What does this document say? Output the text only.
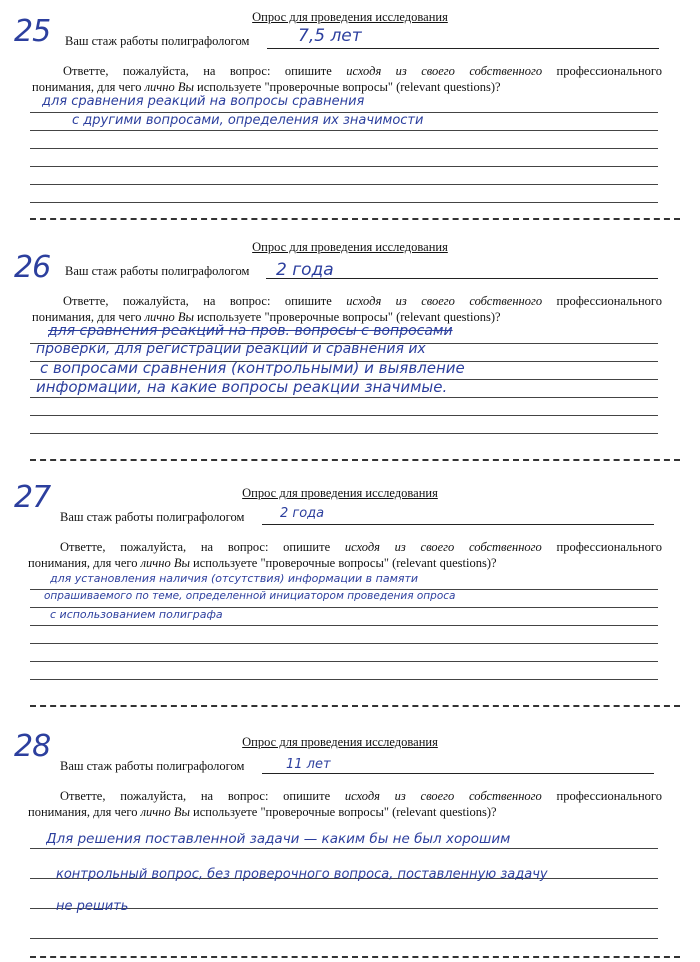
25	Опрос для проведения исследования
Ваш стаж работы полиграфологом	7,5 лет
Ответте, пожалуйста, на вопрос: опишите исходя из своего собственного профессионального
понимания, для чего лично Вы используете "проверочные вопросы" (relevant questions)?
для сравнения реакций на вопросы сравнения
с другими вопросами, определения их значимости
26
Опрос для проведения исследования
Ваш стаж работы полиграфологом 2 года
Ответте, пожалуйста, на вопрос: опишите исходя из своего собственного профессионального
понимания, для чего лично Вы используете "проверочные вопросы" (relevant questions)?
для сравнения реакций на пров. вопросы с вопросами
проверки, для регистрации реакций и сравнения их
с вопросами сравнения (контрольными) и выявление
информации, на какие вопросы реакции значимые.
27	Опрос для проведения исследования
Ваш стаж работы полиграфологом	2 года
Ответте, пожалуйста, на вопрос: опишите исходя из своего собственного профессионального
понимания, для чего лично Вы используете "проверочные вопросы" (relevant questions)?
для установления наличия (отсутствия) информации в памяти
опрашиваемого по теме, определенной инициатором проведения опроса
с использованием полиграфа
28	Опрос для проведения исследования
Ваш стаж работы полиграфологом	11 лет
Ответте, пожалуйста, на вопрос: опишите исходя из своего собственного профессионального
понимания, для чего лично Вы используете "проверочные вопросы" (relevant questions)?
Для решения поставленной задачи — каким бы не был хорошим
контрольный вопрос, без проверочного вопроса, поставленную задачу
не решить
